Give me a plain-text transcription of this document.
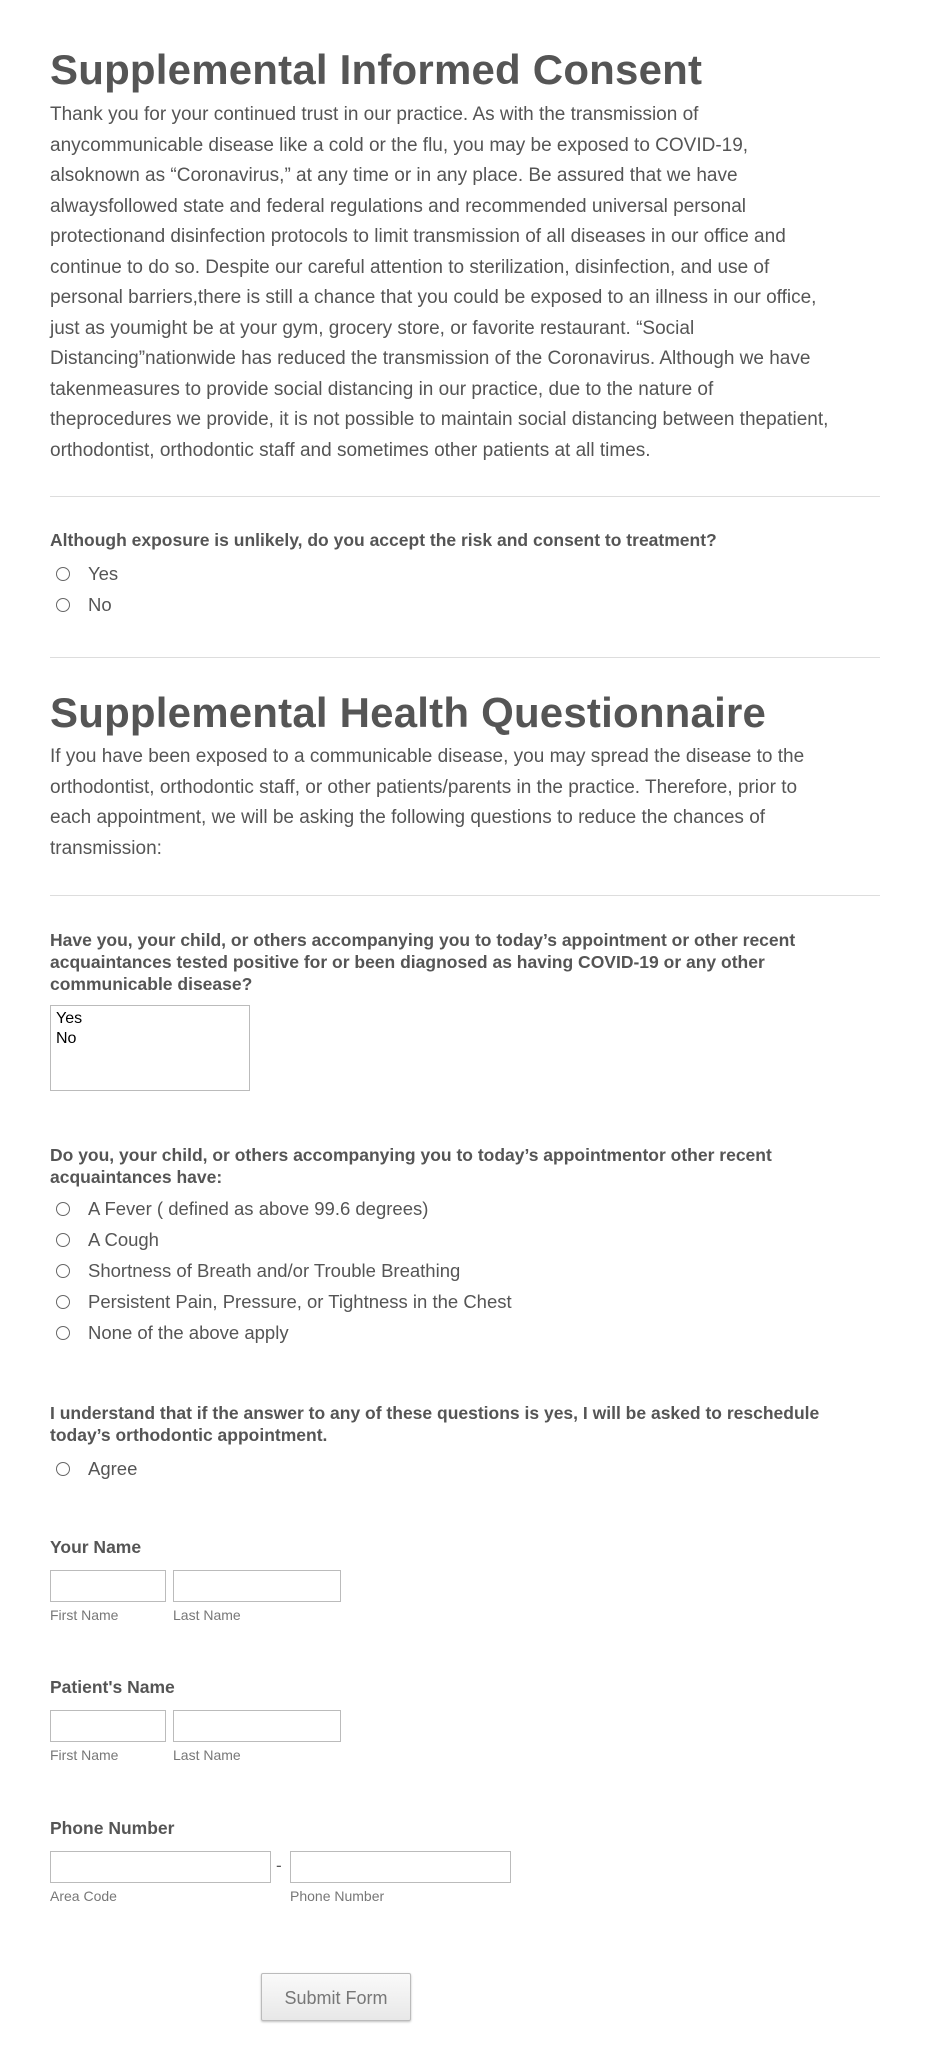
Supplemental Informed Consent
Thank you for your continued trust in our practice. As with the transmission of
anycommunicable disease like a cold or the flu, you may be exposed to COVID-19,
alsoknown as “Coronavirus,” at any time or in any place. Be assured that we have
alwaysfollowed state and federal regulations and recommended universal personal
protectionand disinfection protocols to limit transmission of all diseases in our office and
continue to do so. Despite our careful attention to sterilization, disinfection, and use of
personal barriers,there is still a chance that you could be exposed to an illness in our office,
just as youmight be at your gym, grocery store, or favorite restaurant. “Social
Distancing”nationwide has reduced the transmission of the Coronavirus. Although we have
takenmeasures to provide social distancing in our practice, due to the nature of
theprocedures we provide, it is not possible to maintain social distancing between thepatient,
orthodontist, orthodontic staff and sometimes other patients at all times.
Although exposure is unlikely, do you accept the risk and consent to treatment?
Yes
No
Supplemental Health Questionnaire
If you have been exposed to a communicable disease, you may spread the disease to the
orthodontist, orthodontic staff, or other patients/parents in the practice. Therefore, prior to
each appointment, we will be asking the following questions to reduce the chances of
transmission:
Have you, your child, or others accompanying you to today’s appointment or other recent
acquaintances tested positive for or been diagnosed as having COVID-19 or any other
communicable disease?
Yes
No
Do you, your child, or others accompanying you to today’s appointmentor other recent
acquaintances have:
A Fever ( defined as above 99.6 degrees)
A Cough
Shortness of Breath and/or Trouble Breathing
Persistent Pain, Pressure, or Tightness in the Chest
None of the above apply
I understand that if the answer to any of these questions is yes, I will be asked to reschedule
today’s orthodontic appointment.
Agree
Your Name
First Name	Last Name
Patient's Name
First Name	Last Name
Phone Number
-
Area Code	Phone Number
Submit Form
